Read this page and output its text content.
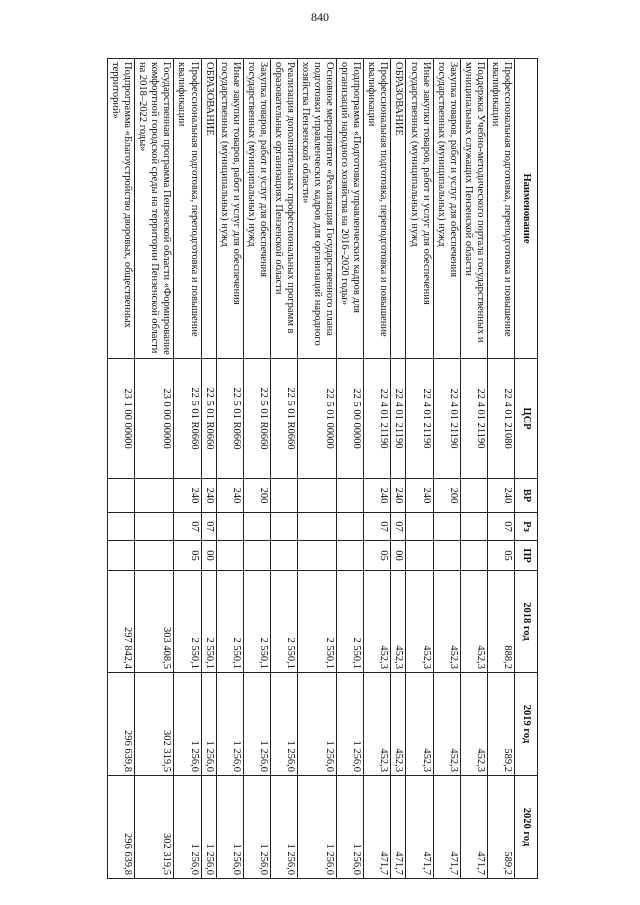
840
Наименование	ЦСР	ВР	Рз	ПР	2018 год	2019 год	2020 год
Профессиональная подготовка, переподготовка и повышение квалификации	22 4 01 21080	240	07	05	888,2	589,2	589,2
Поддержка Учебно-методического портала государственных и муниципальных служащих Пензенской области	22 4 01 21190				452,3	452,3	471,7
Закупка товаров, работ и услуг для обеспечения государственных (муниципальных) нужд	22 4 01 21190	200			452,3	452,3	471,7
Иные закупки товаров, работ и услуг для обеспечения государственных (муниципальных) нужд	22 4 01 21190	240			452,3	452,3	471,7
ОБРАЗОВАНИЕ	22 4 01 21190	240	07	00	452,3	452,3	471,7
Профессиональная подготовка, переподготовка и повышение квалификации	22 4 01 21190	240	07	05	452,3	452,3	471,7
Подпрограмма «Подготовка управленческих кадров для организаций народного хозяйства на 2016–2020 годы»	22 5 00 00000				2 550,1	1 256,0	1 256,0
Основное мероприятие «Реализация Государственного плана подготовки управленческих кадров для организаций народного хозяйства Пензенской области»	22 5 01 00000				2 550,1	1 256,0	1 256,0
Реализация дополнительных профессиональных программ в образовательных организациях Пензенской области	22 5 01 R0660				2 550,1	1 256,0	1 256,0
Закупка товаров, работ и услуг для обеспечения государственных (муниципальных) нужд	22 5 01 R0660	200			2 550,1	1 256,0	1 256,0
Иные закупки товаров, работ и услуг для обеспечения государственных (муниципальных) нужд	22 5 01 R0660	240			2 550,1	1 256,0	1 256,0
ОБРАЗОВАНИЕ	22 5 01 R0660	240	07	00	2 550,1	1 256,0	1 256,0
Профессиональная подготовка, переподготовка и повышение квалификации	22 5 01 R0660	240	07	05	2 550,1	1 256,0	1 256,0
Государственная программа Пензенской области «Формирование комфортной городской среды на территории Пензенской области на 2018–2022 годы»	23 0 00 00000				303 408,5	302 319,5	302 319,5
Подпрограмма «Благоустройство дворовых, общественных территорий»	23 1 00 00000				297 842,4	296 639,8	296 639,8
